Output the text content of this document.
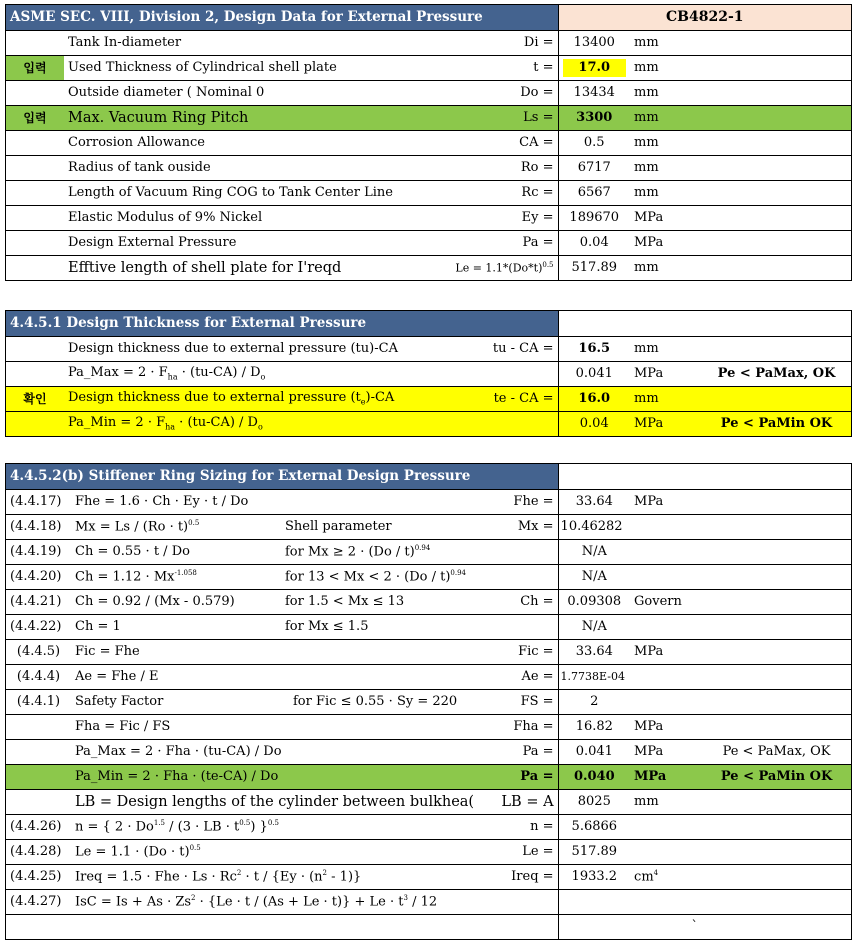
ASME SEC. VIII, Division 2, Design Data for External Pressure			CB4822-1		
	Tank In-diameter	Di =	13400	mm	
입력	Used Thickness of Cylindrical shell plate	t =	17.0	mm	
	Outside diameter ( Nominal 0	Do =	13434	mm	
입력	Max. Vacuum Ring Pitch	Ls =	3300	mm	
	Corrosion Allowance	CA =	0.5	mm	
	Radius of tank ouside	Ro =	6717	mm	
	Length of Vacuum Ring COG to Tank Center Line	Rc =	6567	mm	
	Elastic Modulus of 9% Nickel	Ey =	189670	MPa	
	Design External Pressure	Pa =	0.04	MPa	
	Efftive length of shell plate for I'reqd	$Le = 1.1*(Do*t)^{0.5}$	517.89	mm	
4.4.5.1 Design Thickness for External Pressure					
	Design thickness due to external pressure (tu)-CA	tu - CA =	16.5	mm	
	Pa_Max = $2 \cdot F_{ha} \cdot (tu-CA) / D_o$		0.041	MPa	Pe < PaMax, OK
확인	Design thickness due to external pressure $(t_e)-CA$	te - CA =	16.0	mm	
	Pa_Min = $2 \cdot F_{ha} \cdot (tu-CA) / D_o$		0.04	MPa	Pe < PaMin OK
4.4.5.2(b) Stiffener Ring Sizing for External Design Pressure						
(4.4.17)	Fhe = 1.6 · Ch · Ey · t / Do		Fhe =	33.64	MPa	
(4.4.18)	$Mx = Ls / (Ro \cdot t)^{0.5}$	Shell parameter	Mx =	10.46282		
(4.4.19)	Ch = 0.55 · t / Do	for Mx ≥ 2 · (Do / t)$^{0.94}$		N/A		
(4.4.20)	$Ch = 1.12 \cdot Mx^{-1.058}$	for 13 < Mx < 2 · (Do / t)$^{0.94}$		N/A		
(4.4.21)	Ch = 0.92 / (Mx - 0.579)	for 1.5 < Mx ≤ 13	Ch =	0.09308	Govern	
(4.4.22)	Ch = 1	for Mx ≤ 1.5		N/A		
(4.4.5)	Fic = Fhe		Fic =	33.64	MPa	
(4.4.4)	Ae = Fhe / E		Ae =	1.7738E-04		
(4.4.1)	Safety Factor	for Fic ≤ 0.55 · Sy = 220	FS =	2		
	Fha = Fic / FS		Fha =	16.82	MPa	
	Pa_Max = 2 · Fha · (tu-CA) / Do		Pa =	0.041	MPa	Pe < PaMax, OK
	Pa_Min = 2 · Fha · (te-CA) / Do		Pa =	0.040	MPa	Pe < PaMin OK
	LB = Design lengths of the cylinder between bulkhea(		LB = A	8025	mm	
(4.4.26)	n = { $2 \cdot Do^{1.5} / (3$ · LB · $t^{0.5}$) }$^{0.5}$		n =	5.6866		
(4.4.28)	$Le = 1.1 \cdot (Do \cdot t)^{0.5}$		Le =	517.89		
(4.4.25)	Ireq = 1.5 · Fhe · $Ls \cdot Rc^2 \cdot t / \{Ey \cdot (n^2 - 1)\}$		Ireq =	1933.2	$cm^4$	
(4.4.27)	IsC = $Is + As \cdot Zs^2 \cdot \{Le \cdot t / (As + Le \cdot t)\} + Le \cdot t^3 / 12$					
					`	
